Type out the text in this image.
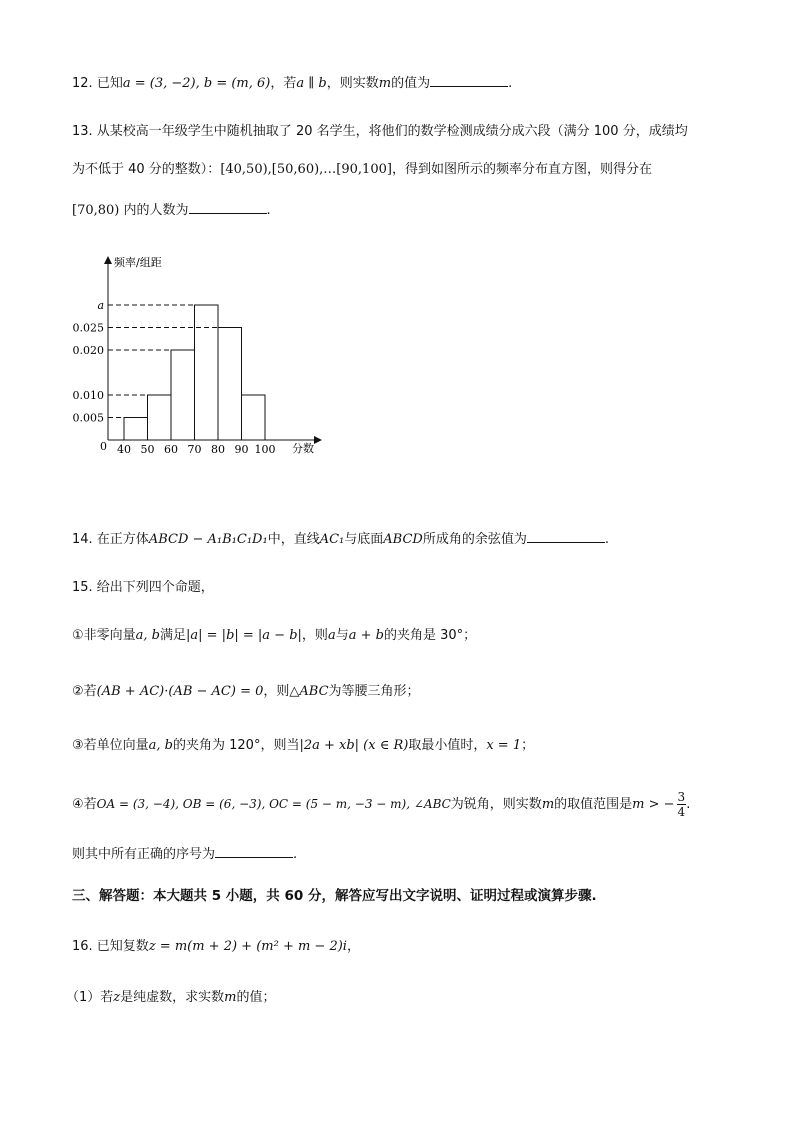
12. 已知a = (3, −2), b = (m, 6)，若a ∥ b，则实数m的值为	.
13. 从某校高一年级学生中随机抽取了 20 名学生，将他们的数学检测成绩分成六段（满分 100 分，成绩均
为不低于 40 分的整数）：[40,50),[50,60),…[90,100]，得到如图所示的频率分布直方图，则得分在
[70,80) 内的人数为	.
频率/组距
分数
0
0.005
0.010
0.020
0.025
a
40 50 60 70 80 90 100
14. 在正方体ABCD − A₁B₁C₁D₁中，直线AC₁与底面ABCD所成角的余弦值为	.
15. 给出下列四个命题，
①非零向量a, b满足|a| = |b| = |a − b|，则a与a + b的夹角是 30°；
②若(AB + AC)·(AB − AC) = 0，则△ABC为等腰三角形；
③若单位向量a, b的夹角为 120°，则当|2a + xb| (x ∈ R)取最小值时，x = 1；
④若OA = (3, −4), OB = (6, −3), OC = (5 − m, −3 − m), ∠ABC为锐角，则实数m的取值范围是m > − $\frac{3}{4}$ .
则其中所有正确的序号为	.
三、解答题：本大题共 5 小题，共 60 分，解答应写出文字说明、证明过程或演算步骤.
16. 已知复数z = m(m + 2) + (m² + m − 2)i，
（1）若z是纯虚数，求实数m的值；
